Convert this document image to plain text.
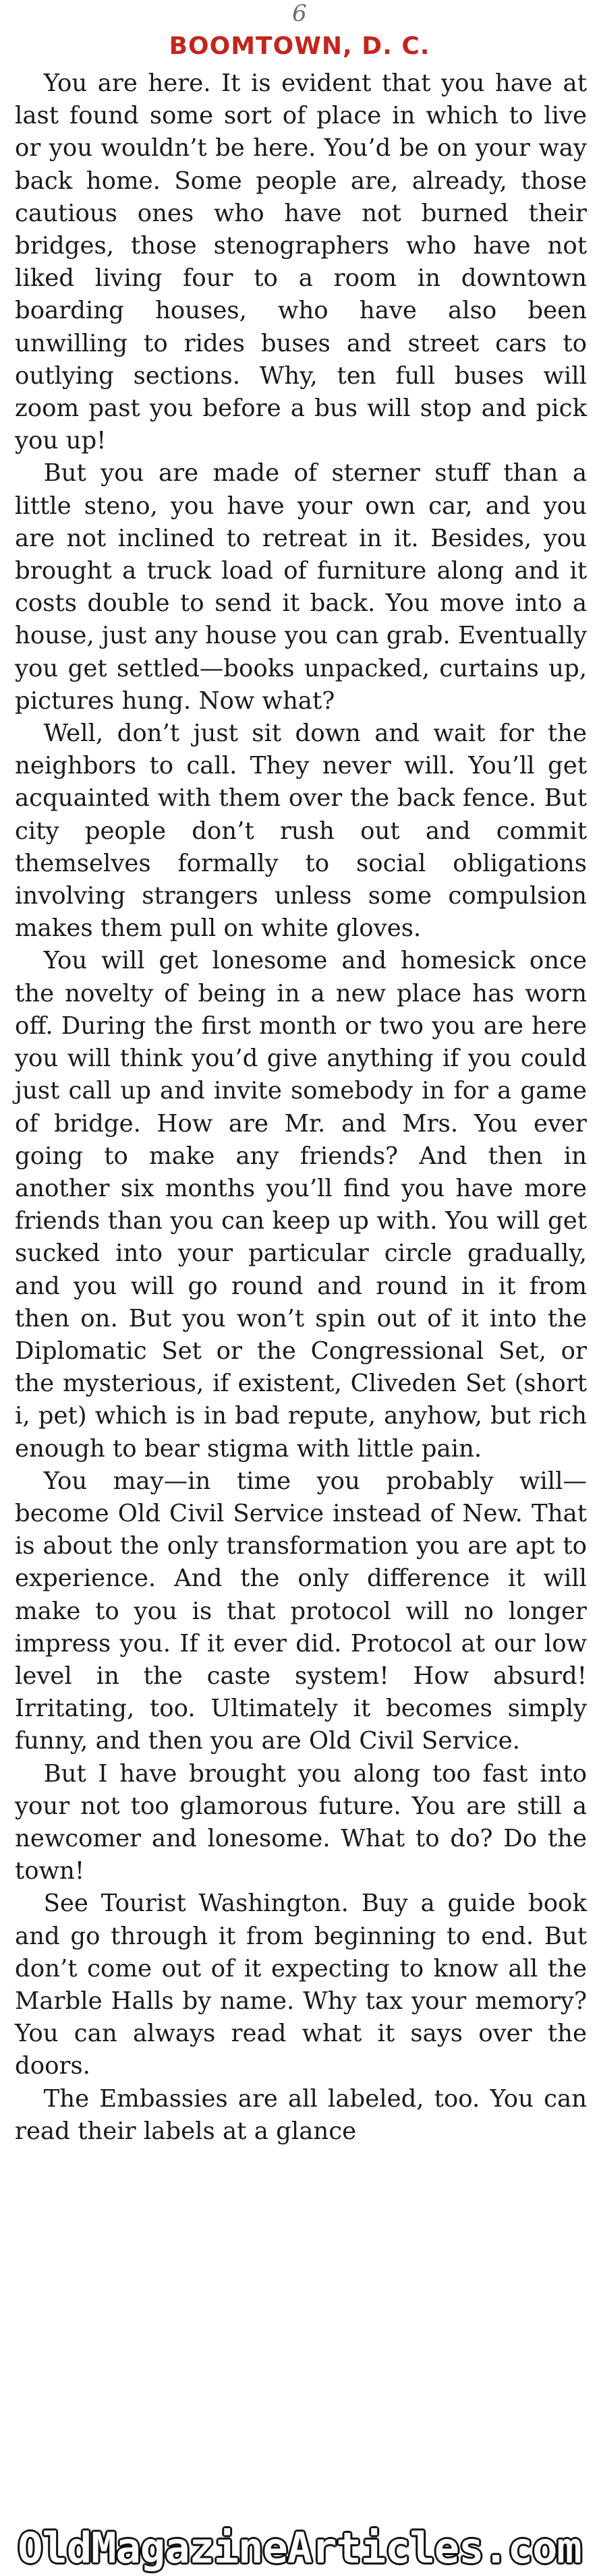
6
BOOMTOWN, D. C.

You are here. It is evident that you have at last found some sort of place in which to live or you wouldn’t be here. You’d be on your way back home. Some people are, already, those cautious ones who have not burned their bridges, those stenographers who have not liked living four to a room in downtown boarding houses, who have also been unwilling to rides buses and street cars to outlying sections. Why, ten full buses will zoom past you before a bus will stop and pick you up!

But you are made of sterner stuff than a little steno, you have your own car, and you are not inclined to retreat in it. Besides, you brought a truck load of furniture along and it costs double to send it back. You move into a house, just any house you can grab. Eventually you get settled—books unpacked, curtains up, pictures hung. Now what?

Well, don’t just sit down and wait for the neighbors to call. They never will. You’ll get acquainted with them over the back fence. But city people don’t rush out and commit themselves formally to social obligations involving strangers unless some compulsion makes them pull on white gloves.

You will get lonesome and homesick once the novelty of being in a new place has worn off. During the first month or two you are here you will think you’d give anything if you could just call up and invite somebody in for a game of bridge. How are Mr. and Mrs. You ever going to make any friends? And then in another six months you’ll find you have more friends than you can keep up with. You will get sucked into your particular circle gradually, and you will go round and round in it from then on. But you won’t spin out of it into the Diplomatic Set or the Congressional Set, or the mysterious, if existent, Cliveden Set (short i, pet) which is in bad repute, anyhow, but rich enough to bear stigma with little pain.

You may—in time you probably will—become Old Civil Service instead of New. That is about the only transformation you are apt to experience. And the only difference it will make to you is that protocol will no longer impress you. If it ever did. Protocol at our low level in the caste system! How absurd! Irritating, too. Ultimately it becomes simply funny, and then you are Old Civil Service.

But I have brought you along too fast into your not too glamorous future. You are still a newcomer and lonesome. What to do? Do the town!

See Tourist Washington. Buy a guide book and go through it from beginning to end. But don’t come out of it expecting to know all the Marble Halls by name. Why tax your memory? You can always read what it says over the doors.

The Embassies are all labeled, too. You can read their labels at a glance

OldMagazineArticles.com
